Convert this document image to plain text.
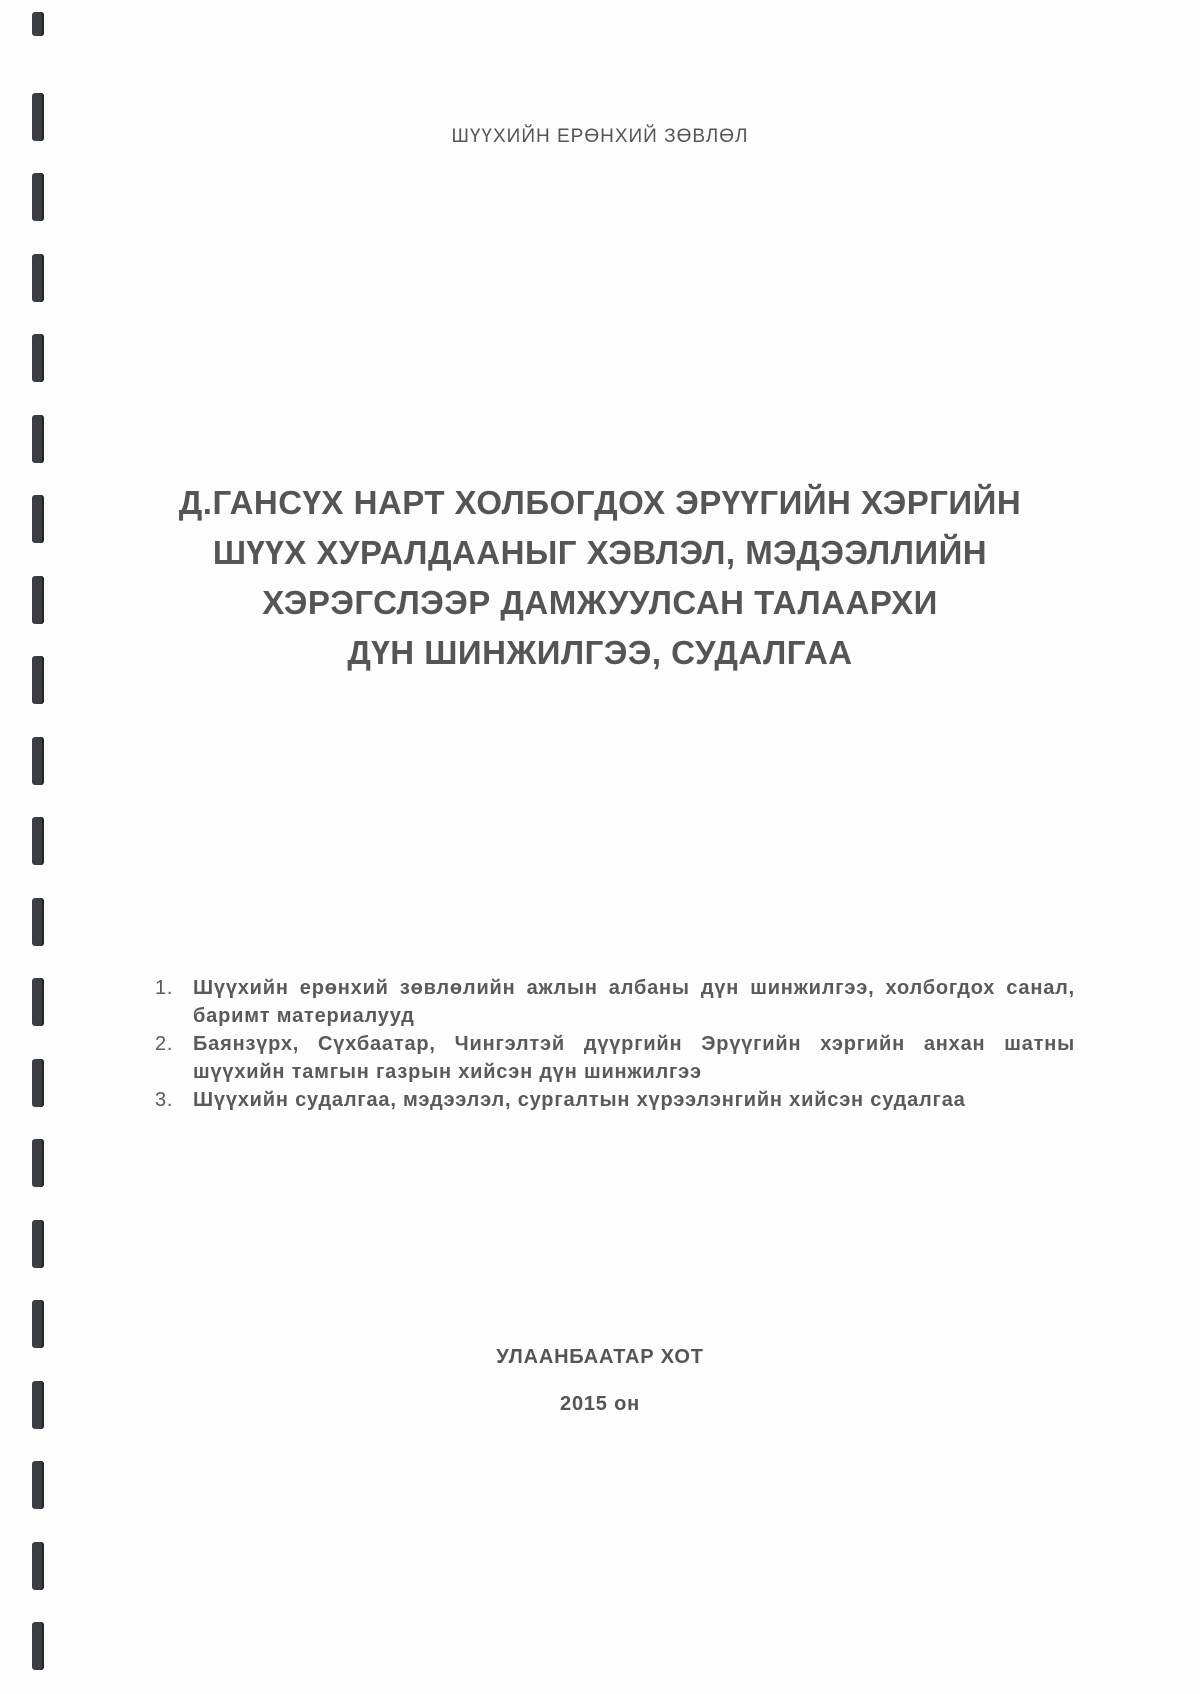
ШҮҮХИЙН ЕРӨНХИЙ ЗӨВЛӨЛ
Д.ГАНСҮХ НАРТ ХОЛБОГДОХ ЭРҮҮГИЙН ХЭРГИЙН
ШҮҮХ ХУРАЛДААНЫГ ХЭВЛЭЛ, МЭДЭЭЛЛИЙН
ХЭРЭГСЛЭЭР ДАМЖУУЛСАН ТАЛААРХИ
ДҮН ШИНЖИЛГЭЭ, СУДАЛГАА
1. Шүүхийн ерөнхий зөвлөлийн ажлын албаны дүн шинжилгээ, холбогдох санал, баримт материалууд
2. Баянзүрх, Сүхбаатар, Чингэлтэй дүүргийн Эрүүгийн хэргийн анхан шатны шүүхийн тамгын газрын хийсэн дүн шинжилгээ
3. Шүүхийн судалгаа, мэдээлэл, сургалтын хүрээлэнгийн хийсэн судалгаа
УЛААНБААТАР ХОТ
2015 он
